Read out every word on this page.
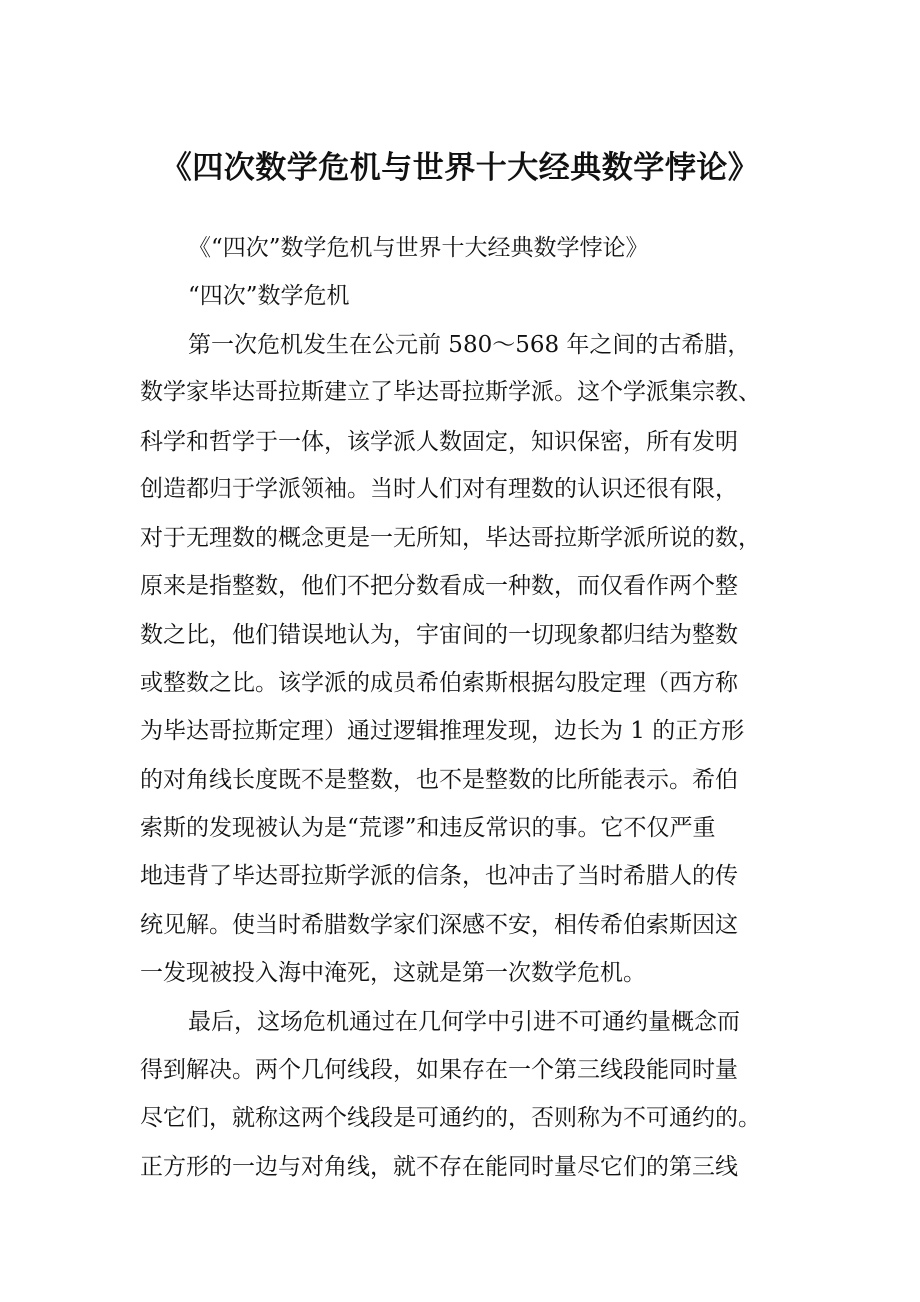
《四次数学危机与世界十大经典数学悖论》
《“四次”数学危机与世界十大经典数学悖论》
“四次”数学危机
第一次危机发生在公元前 580～568 年之间的古希腊，
数学家毕达哥拉斯建立了毕达哥拉斯学派。这个学派集宗教、
科学和哲学于一体，该学派人数固定，知识保密，所有发明
创造都归于学派领袖。当时人们对有理数的认识还很有限，
对于无理数的概念更是一无所知，毕达哥拉斯学派所说的数，
原来是指整数，他们不把分数看成一种数，而仅看作两个整
数之比，他们错误地认为，宇宙间的一切现象都归结为整数
或整数之比。该学派的成员希伯索斯根据勾股定理（西方称
为毕达哥拉斯定理）通过逻辑推理发现，边长为 1 的正方形
的对角线长度既不是整数，也不是整数的比所能表示。希伯
索斯的发现被认为是“荒谬”和违反常识的事。它不仅严重
地违背了毕达哥拉斯学派的信条，也冲击了当时希腊人的传
统见解。使当时希腊数学家们深感不安，相传希伯索斯因这
一发现被投入海中淹死，这就是第一次数学危机。
最后，这场危机通过在几何学中引进不可通约量概念而
得到解决。两个几何线段，如果存在一个第三线段能同时量
尽它们，就称这两个线段是可通约的，否则称为不可通约的。
正方形的一边与对角线，就不存在能同时量尽它们的第三线
